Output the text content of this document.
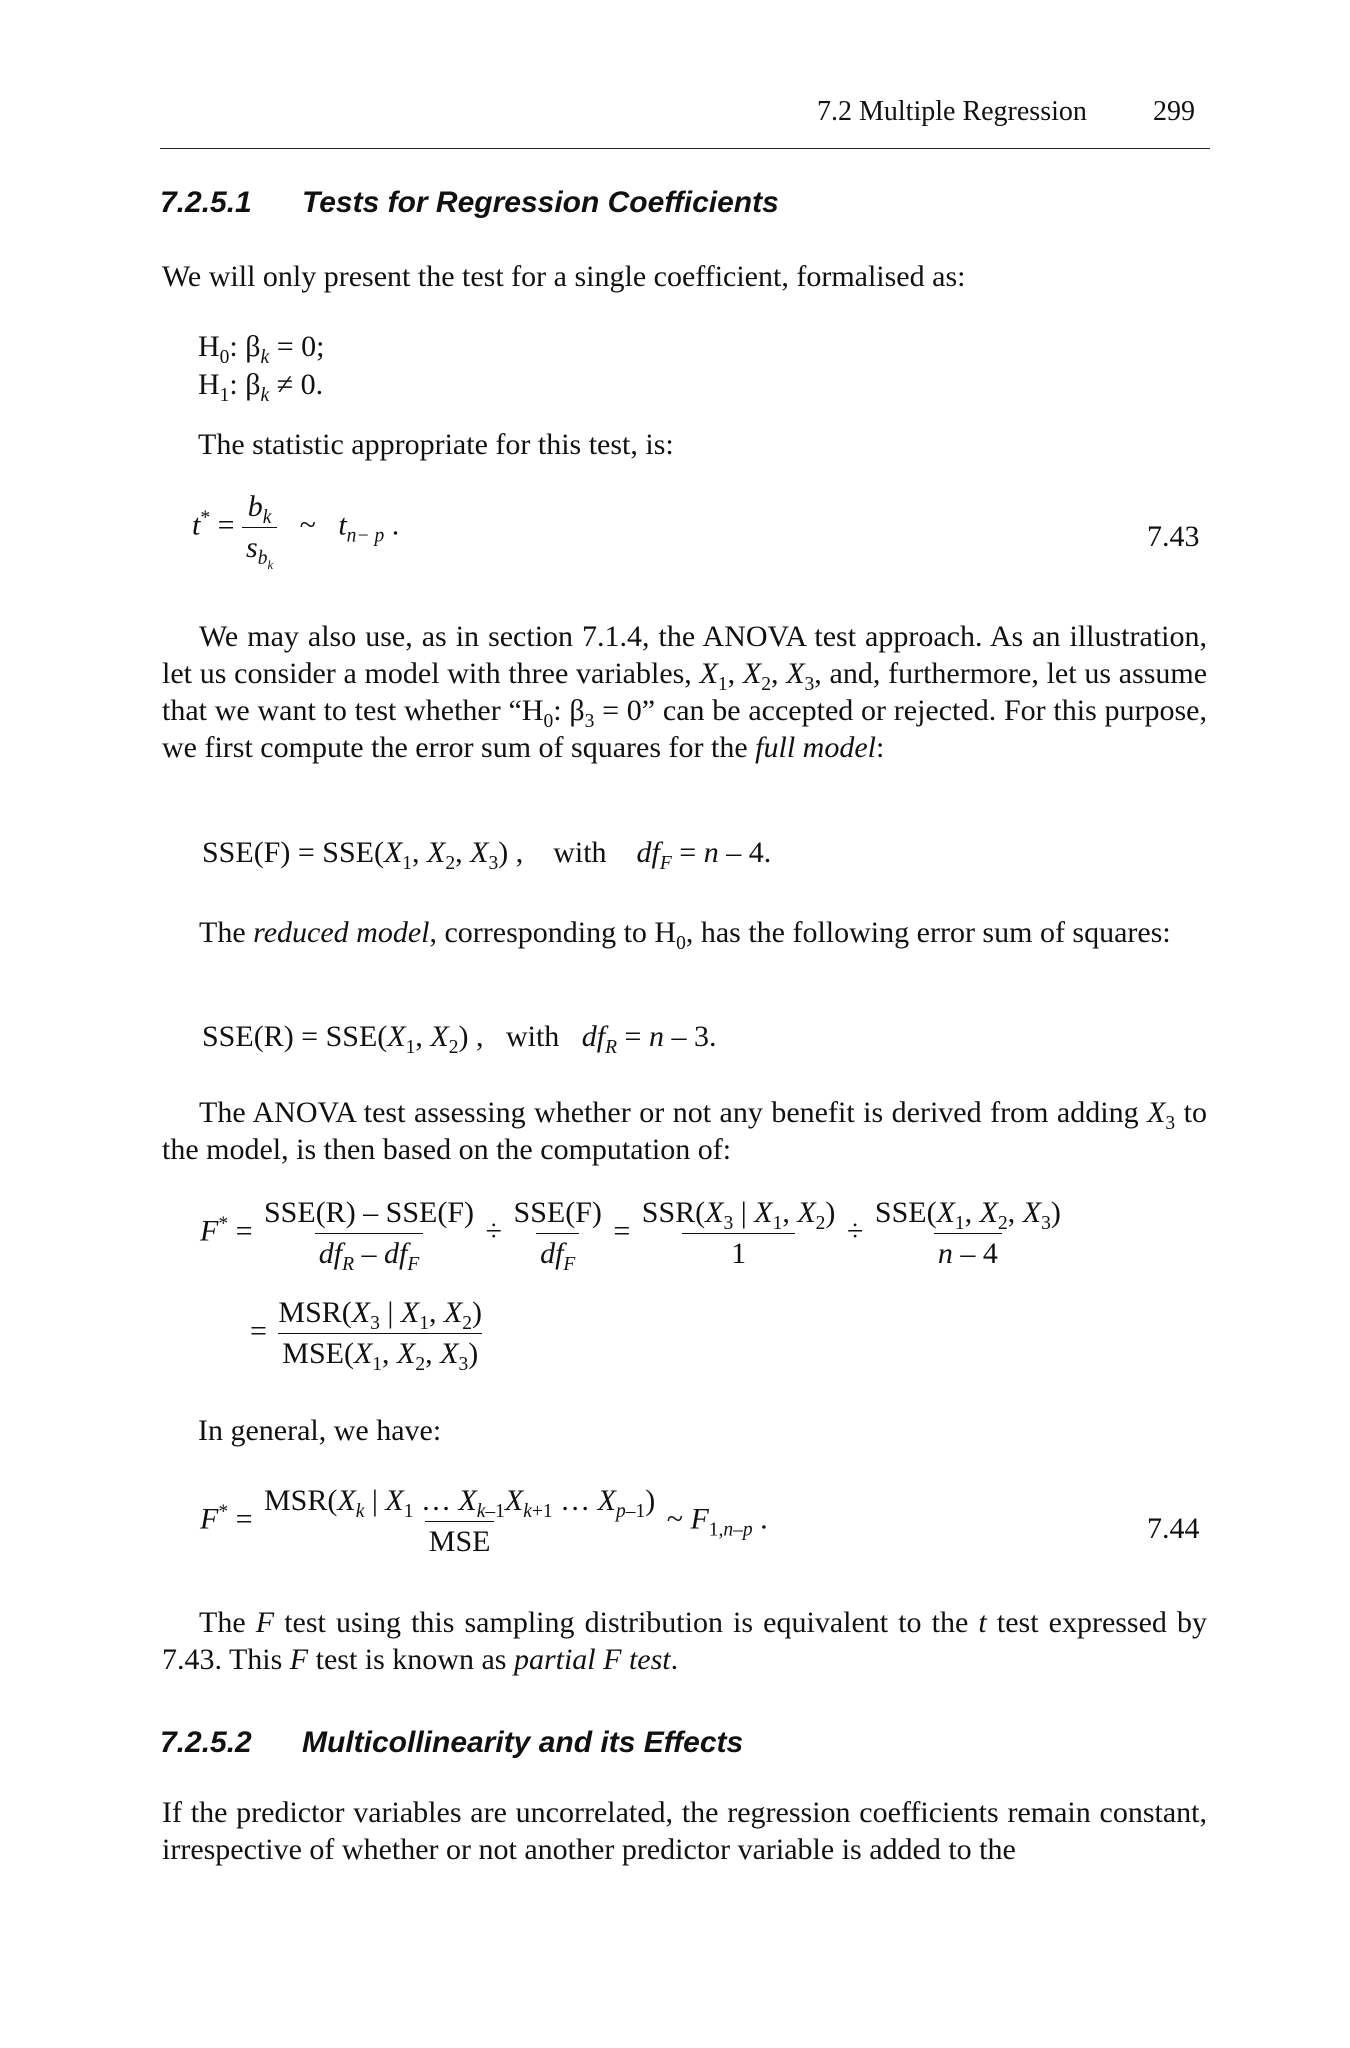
7.2 Multiple Regression 299
7.2.5.1 Tests for Regression Coefficients
We will only present the test for a single coefficient, formalised as:
$H_0$: $\beta_k = 0$;
$H_1$: $\beta_k \ne 0$.
The statistic appropriate for this test, is:
$t^* = \frac{b_k}{s_{b_k}}$ ~   $t_{n- p}$ .	7.43
We may also use, as in section 7.1.4, the ANOVA test approach. As an illustration, let us consider a model with three variables, $X_1$, $X_2$, $X_3$, and, furthermore, let us assume that we want to test whether “$H_0$: $\beta_3 = 0$” can be accepted or rejected. For this purpose, we first compute the error sum of squares for the full model:
$SSE(F) = SSE(X_1$, $X_2$, $X_3$) ,    with    $df_F = n - 4$.
The reduced model, corresponding to $H_0$, has the following error sum of squares:
$SSE(R) = SSE(X_1$, $X_2$) ,   with   $df_R = n - 3$.
The ANOVA test assessing whether or not any benefit is derived from adding $X_3$ to the model, is then based on the computation of:
$F^* = \frac{\text{SSE(R) – SSE(F)}}{df_R - df_F} \div \frac{\text{SSE(F)}}{df_F} = \frac{SSR(X_3 | X_1, X_2)}{1} \div \frac{SSE(X_1, X_2, X_3)}{n - 4}$
= $\frac{MSR(X_3 | X_1, X_2)}{MSE(X_1, X_2, X_3)}$
In general, we have:
$F^* = \frac{MSR(X_k | X_1 \dots X_{k-1}X_{k+1} \dots X_{p-1})}{\text{MSE}}$ ~ $F_{1,n-p}$ .	7.44
The F test using this sampling distribution is equivalent to the t test expressed by 7.43. This F test is known as partial F test.
7.2.5.2 Multicollinearity and its Effects
If the predictor variables are uncorrelated, the regression coefficients remain constant, irrespective of whether or not another predictor variable is added to the
